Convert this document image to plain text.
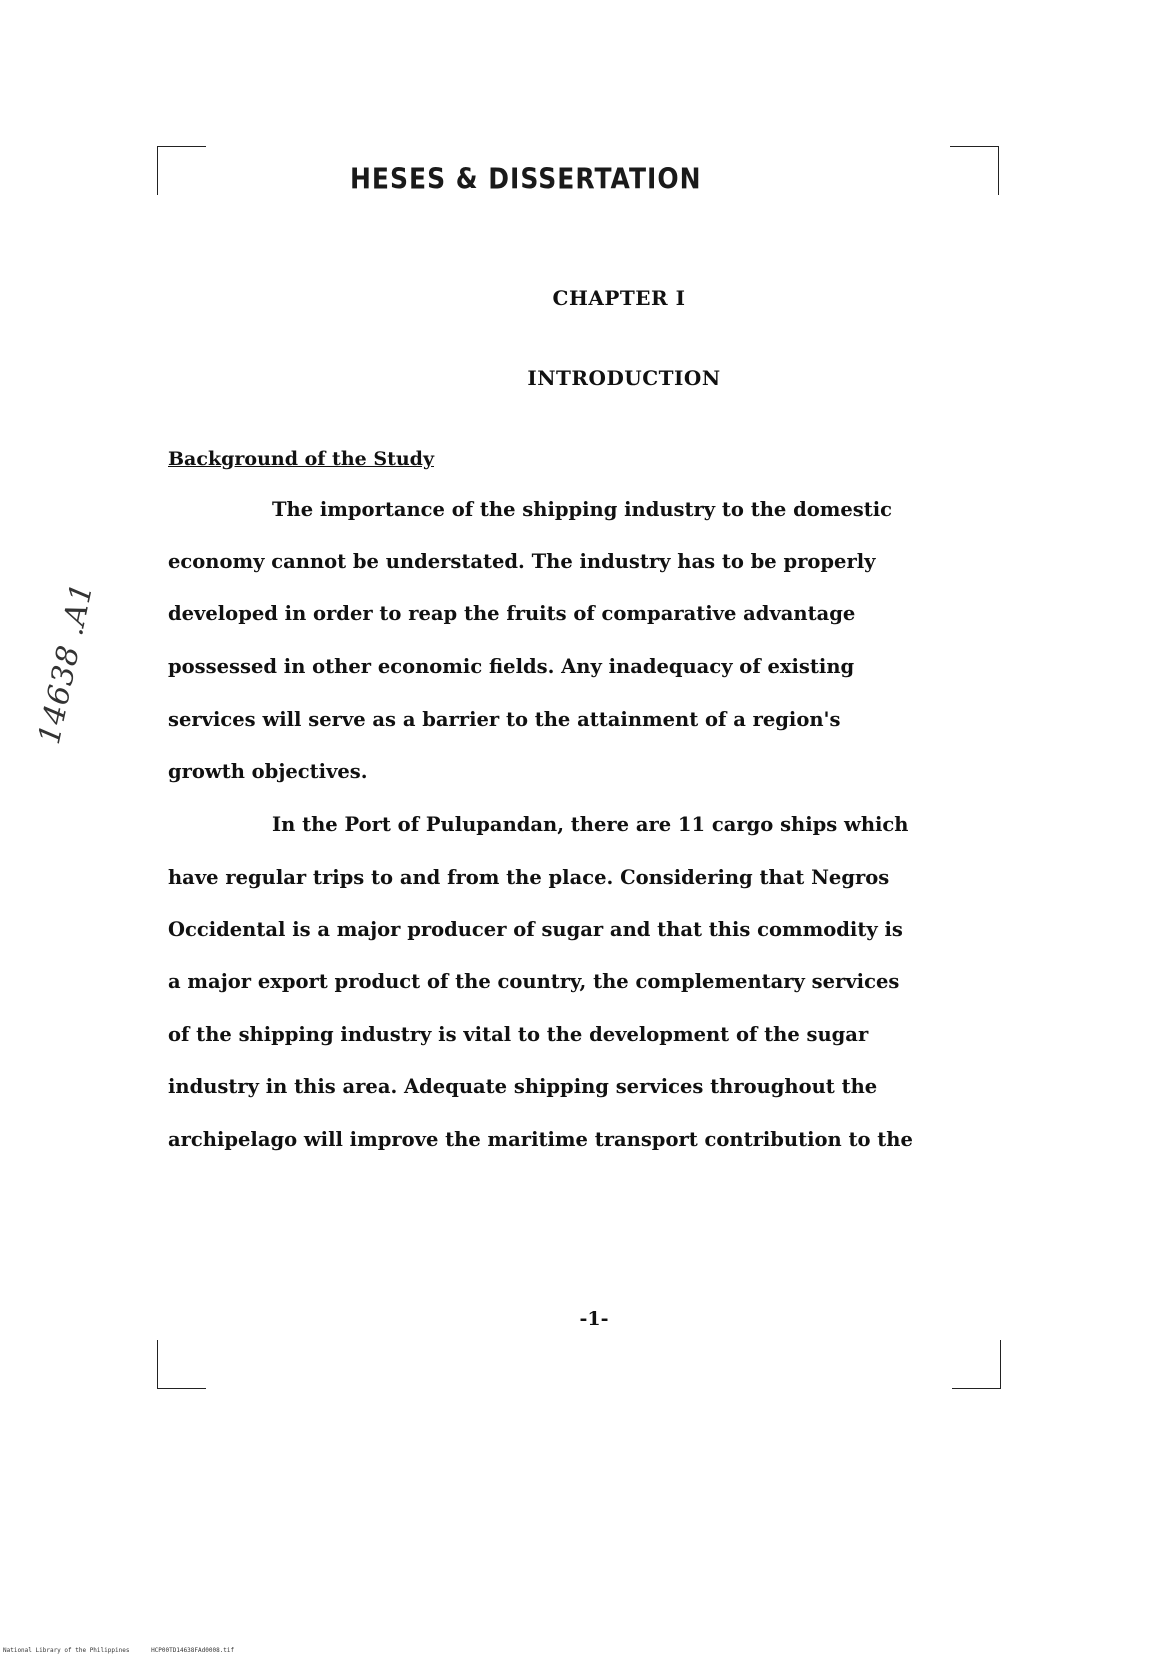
HESES & DISSERTATION
CHAPTER I
INTRODUCTION
Background of the Study
14638 .A1
The importance of the shipping industry to the domestic
economy cannot be understated. The industry has to be properly
developed in order to reap the fruits of comparative advantage
possessed in other economic fields. Any inadequacy of existing
services will serve as a barrier to the attainment of a region's
growth objectives.
In the Port of Pulupandan, there are 11 cargo ships which
have regular trips to and from the place. Considering that Negros
Occidental is a major producer of sugar and that this commodity is
a major export product of the country, the complementary services
of the shipping industry is vital to the development of the sugar
industry in this area. Adequate shipping services throughout the
archipelago will improve the maritime transport contribution to the
-1-
National Library of the Philippines	HCP00TD14638FAd0008.tif
